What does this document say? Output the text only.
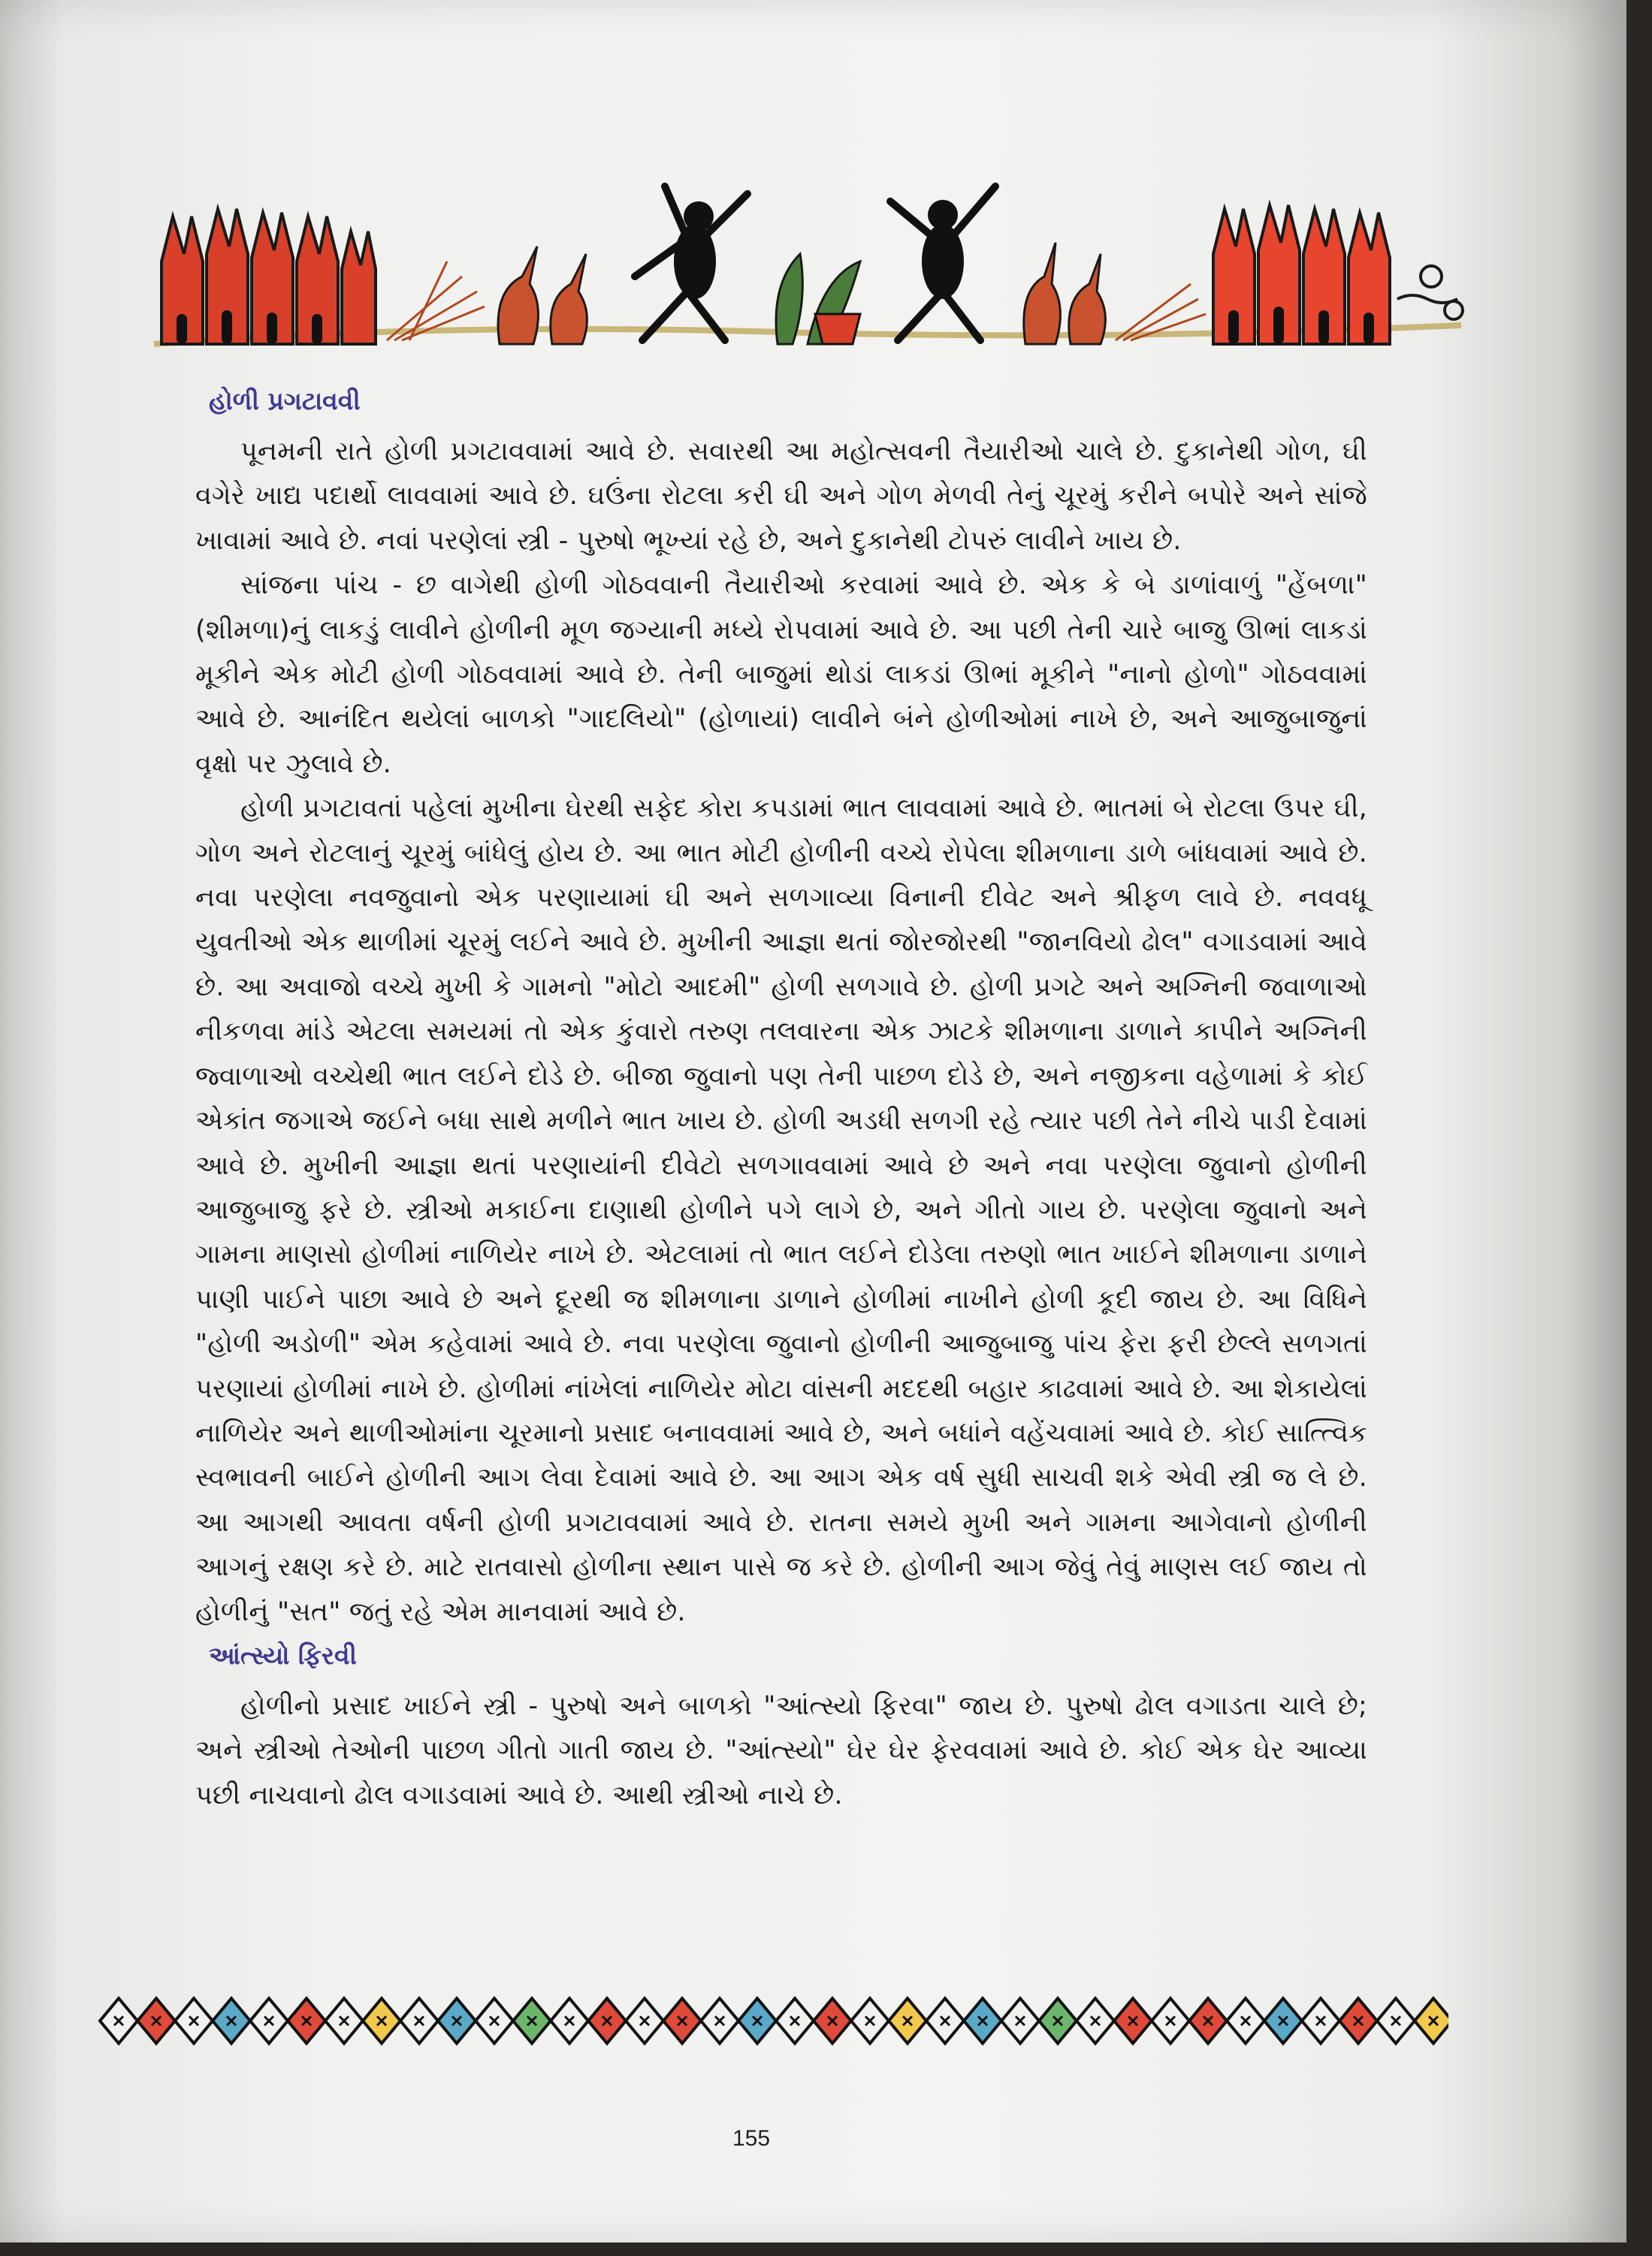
હોળી પ્રગટાવવી

પૂનમની રાતે હોળી પ્રગટાવવામાં આવે છે. સવારથી આ મહોત્સવની તૈયારીઓ ચાલે છે. દુકાનેથી ગોળ, ઘી વગેરે ખાદ્ય પદાર્થો લાવવામાં આવે છે. ઘઉંના રોટલા કરી ઘી અને ગોળ મેળવી તેનું ચૂરમું કરીને બપોરે અને સાંજે ખાવામાં આવે છે. નવાં પરણેલાં સ્ત્રી - પુરુષો ભૂખ્યાં રહે છે, અને દુકાનેથી ટોપરું લાવીને ખાય છે.

સાંજના પાંચ - છ વાગેથી હોળી ગોઠવવાની તૈયારીઓ કરવામાં આવે છે. એક કે બે ડાળાંવાળું "હેંબળા" (શીમળા)નું લાકડું લાવીને હોળીની મૂળ જગ્યાની મધ્યે રોપવામાં આવે છે. આ પછી તેની ચારે બાજુ ઊભાં લાકડાં મૂકીને એક મોટી હોળી ગોઠવવામાં આવે છે. તેની બાજુમાં થોડાં લાકડાં ઊભાં મૂકીને "નાનો હોળો" ગોઠવવામાં આવે છે. આનંદિત થયેલાં બાળકો "ગાદલિયો" (હોળાયાં) લાવીને બંને હોળીઓમાં નાખે છે, અને આજુબાજુનાં વૃક્ષો પર ઝુલાવે છે.

હોળી પ્રગટાવતાં પહેલાં મુખીના ઘેરથી સફેદ કોરા કપડામાં ભાત લાવવામાં આવે છે. ભાતમાં બે રોટલા ઉપર ઘી, ગોળ અને રોટલાનું ચૂરમું બાંધેલું હોય છે. આ ભાત મોટી હોળીની વચ્ચે રોપેલા શીમળાના ડાળે બાંધવામાં આવે છે. નવા પરણેલા નવજુવાનો એક પરણાયામાં ઘી અને સળગાવ્યા વિનાની દીવેટ અને શ્રીફળ લાવે છે. નવવધૂ યુવતીઓ એક થાળીમાં ચૂરમું લઈને આવે છે. મુખીની આજ્ઞા થતાં જોરજોરથી "જાનવિયો ઢોલ" વગાડવામાં આવે છે. આ અવાજો વચ્ચે મુખી કે ગામનો "મોટો આદમી" હોળી સળગાવે છે. હોળી પ્રગટે અને અગ્નિની જવાળાઓ નીકળવા માંડે એટલા સમયમાં તો એક કુંવારો તરુણ તલવારના એક ઝાટકે શીમળાના ડાળાને કાપીને અગ્નિની જ્વાળાઓ વચ્ચેથી ભાત લઈને દોડે છે. બીજા જુવાનો પણ તેની પાછળ દોડે છે, અને નજીકના વહેળામાં કે કોઈ એકાંત જગાએ જઈને બધા સાથે મળીને ભાત ખાય છે. હોળી અડધી સળગી રહે ત્યાર પછી તેને નીચે પાડી દેવામાં આવે છે. મુખીની આજ્ઞા થતાં પરણાયાંની દીવેટો સળગાવવામાં આવે છે અને નવા પરણેલા જુવાનો હોળીની આજુબાજુ ફરે છે. સ્ત્રીઓ મકાઈના દાણાથી હોળીને પગે લાગે છે, અને ગીતો ગાય છે. પરણેલા જુવાનો અને ગામના માણસો હોળીમાં નાળિયેર નાખે છે. એટલામાં તો ભાત લઈને દોડેલા તરુણો ભાત ખાઈને શીમળાના ડાળાને પાણી પાઈને પાછા આવે છે અને દૂરથી જ શીમળાના ડાળાને હોળીમાં નાખીને હોળી કૂદી જાય છે. આ વિધિને "હોળી અડોળી" એમ કહેવામાં આવે છે. નવા પરણેલા જુવાનો હોળીની આજુબાજુ પાંચ ફેરા ફરી છેલ્લે સળગતાં પરણાયાં હોળીમાં નાખે છે. હોળીમાં નાંખેલાં નાળિયેર મોટા વાંસની મદદથી બહાર કાઢવામાં આવે છે. આ શેકાયેલાં નાળિયેર અને થાળીઓમાંના ચૂરમાનો પ્રસાદ બનાવવામાં આવે છે, અને બધાંને વહેંચવામાં આવે છે. કોઈ સાત્ત્વિક સ્વભાવની બાઈને હોળીની આગ લેવા દેવામાં આવે છે. આ આગ એક વર્ષ સુધી સાચવી શકે એવી સ્ત્રી જ લે છે. આ આગથી આવતા વર્ષની હોળી પ્રગટાવવામાં આવે છે. રાતના સમયે મુખી અને ગામના આગેવાનો હોળીની આગનું રક્ષણ કરે છે. માટે રાતવાસો હોળીના સ્થાન પાસે જ કરે છે. હોળીની આગ જેવું તેવું માણસ લઈ જાય તો હોળીનું "સત" જતું રહે એમ માનવામાં આવે છે.

આંત્સ્યો ફિરવી

હોળીનો પ્રસાદ ખાઈને સ્ત્રી - પુરુષો અને બાળકો "આંત્સ્યો ફિરવા" જાય છે. પુરુષો ઢોલ વગાડતા ચાલે છે; અને સ્ત્રીઓ તેઓની પાછળ ગીતો ગાતી જાય છે. "આંત્સ્યો" ઘેર ઘેર ફેરવવામાં આવે છે. કોઈ એક ઘેર આવ્યા પછી નાચવાનો ઢોલ વગાડવામાં આવે છે. આથી સ્ત્રીઓ નાચે છે.

155
